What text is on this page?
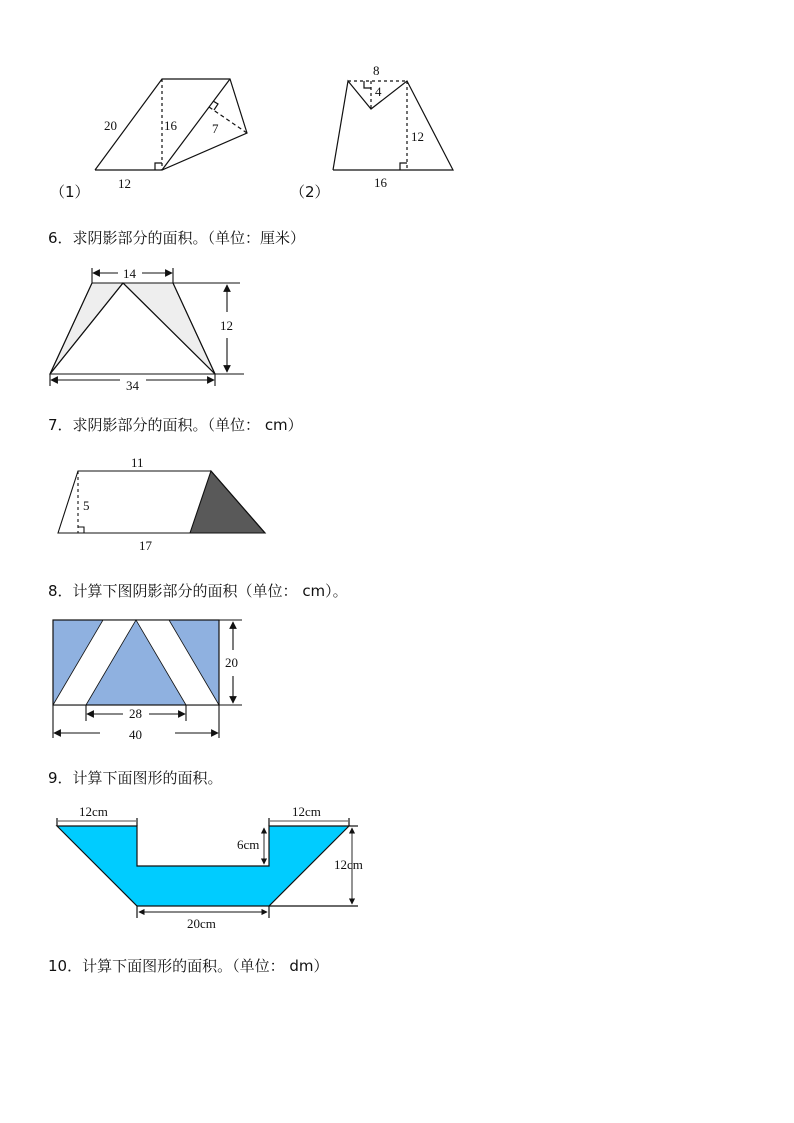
20	16	7
12
（1）
8
4
12
16
（2）
14
12
34
11
5
17
20
28
40
12cm	12cm
6cm
12cm
20cm
6．求阴影部分的面积。（单位：厘米）
7．求阴影部分的面积。（单位： cm）
8．计算下图阴影部分的面积（单位： cm）。
9．计算下面图形的面积。
10．计算下面图形的面积。（单位： dm）
